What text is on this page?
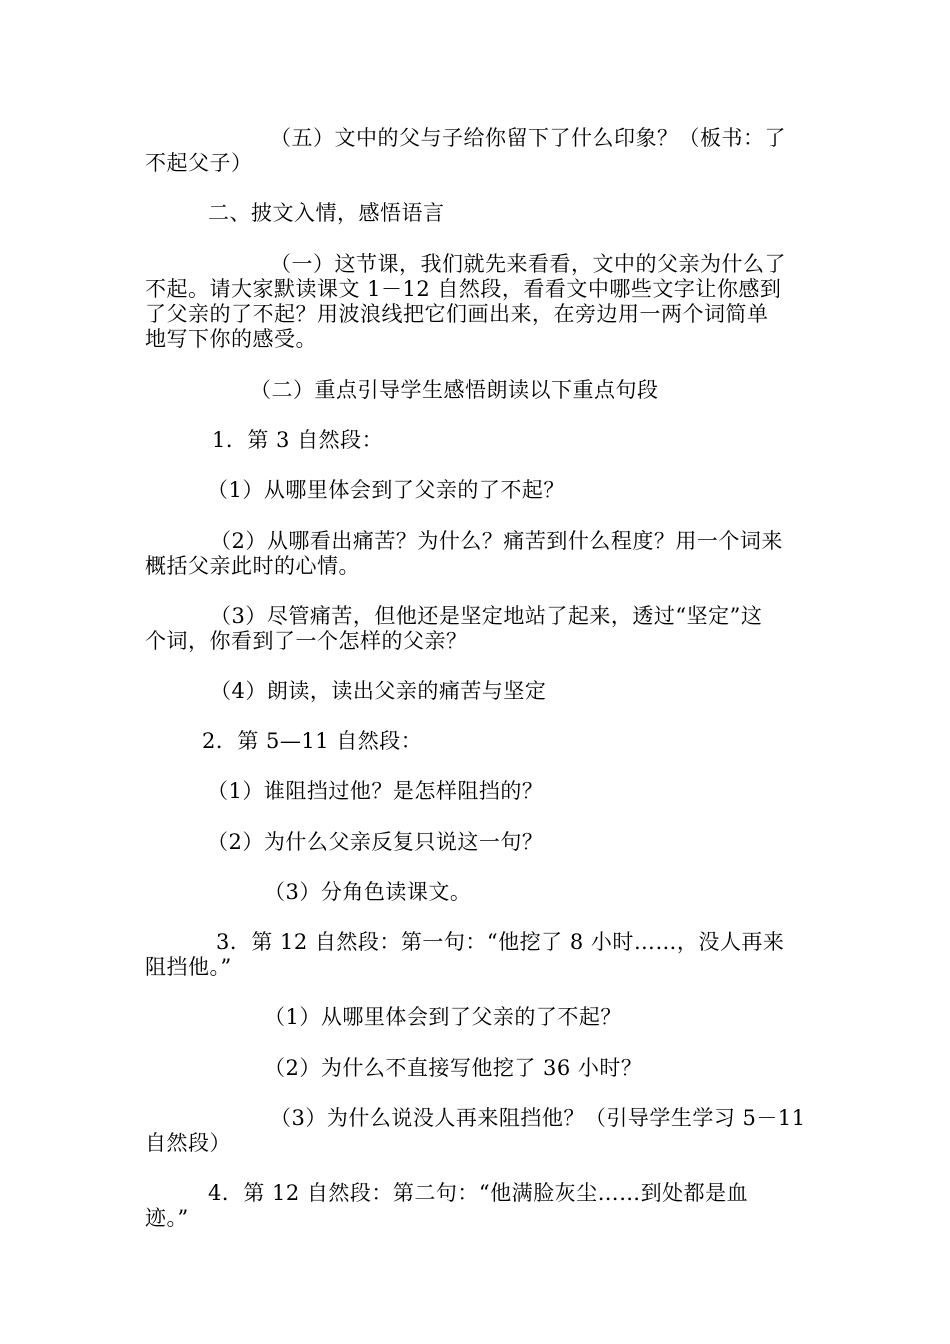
（五）文中的父与子给你留下了什么印象？（板书：了
不起父子）
二、披文入情，感悟语言
（一）这节课，我们就先来看看，文中的父亲为什么了
不起。请大家默读课文 1－12 自然段，看看文中哪些文字让你感到
了父亲的了不起？用波浪线把它们画出来，在旁边用一两个词简单
地写下你的感受。
（二）重点引导学生感悟朗读以下重点句段
1．第 3 自然段：
（1）从哪里体会到了父亲的了不起？
（2）从哪看出痛苦？为什么？痛苦到什么程度？用一个词来
概括父亲此时的心情。
（3）尽管痛苦，但他还是坚定地站了起来，透过“坚定”这
个词，你看到了一个怎样的父亲？
（4）朗读，读出父亲的痛苦与坚定
2．第 5—11 自然段：
（1）谁阻挡过他？是怎样阻挡的？
（2）为什么父亲反复只说这一句？
（3）分角色读课文。
3．第 12 自然段：第一句：“他挖了 8 小时……，没人再来
阻挡他。”
（1）从哪里体会到了父亲的了不起？
（2）为什么不直接写他挖了 36 小时？
（3）为什么说没人再来阻挡他？（引导学生学习 5－11
自然段）
4．第 12 自然段：第二句：“他满脸灰尘……到处都是血
迹。”
